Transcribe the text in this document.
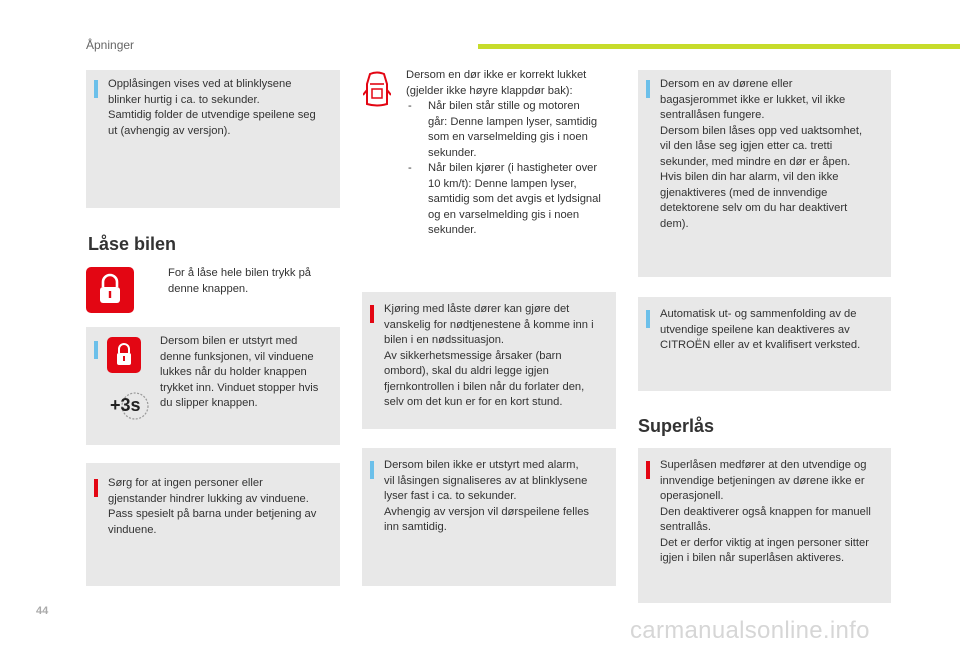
Åpninger
Opplåsingen vises ved at blinklysene
blinker hurtig i ca. to sekunder.
Samtidig folder de utvendige speilene seg
ut (avhengig av versjon).
Låse bilen
For å låse hele bilen trykk på
denne knappen.
+3s
Dersom bilen er utstyrt med
denne funksjonen, vil vinduene
lukkes når du holder knappen
trykket inn. Vinduet stopper hvis
du slipper knappen.
Sørg for at ingen personer eller
gjenstander hindrer lukking av vinduene.
Pass spesielt på barna under betjening av
vinduene.
Dersom en dør ikke er korrekt lukket
(gjelder ikke høyre klappdør bak):
- Når bilen står stille og motoren
går: Denne lampen lyser, samtidig
som en varselmelding gis i noen
sekunder.
- Når bilen kjører (i hastigheter over
10 km/t): Denne lampen lyser,
samtidig som det avgis et lydsignal
og en varselmelding gis i noen
sekunder.
Kjøring med låste dører kan gjøre det
vanskelig for nødtjenestene å komme inn i
bilen i en nødssituasjon.
Av sikkerhetsmessige årsaker (barn
ombord), skal du aldri legge igjen
fjernkontrollen i bilen når du forlater den,
selv om det kun er for en kort stund.
Dersom bilen ikke er utstyrt med alarm,
vil låsingen signaliseres av at blinklysene
lyser fast i ca. to sekunder.
Avhengig av versjon vil dørspeilene felles
inn samtidig.
Dersom en av dørene eller
bagasjerommet ikke er lukket, vil ikke
sentrallåsen fungere.
Dersom bilen låses opp ved uaktsomhet,
vil den låse seg igjen etter ca. tretti
sekunder, med mindre en dør er åpen.
Hvis bilen din har alarm, vil den ikke
gjenaktiveres (med de innvendige
detektorene selv om du har deaktivert
dem).
Automatisk ut- og sammenfolding av de
utvendige speilene kan deaktiveres av
CITROËN eller av et kvalifisert verksted.
Superlås
Superlåsen medfører at den utvendige og
innvendige betjeningen av dørene ikke er
operasjonell.
Den deaktiverer også knappen for manuell
sentrallås.
Det er derfor viktig at ingen personer sitter
igjen i bilen når superlåsen aktiveres.
44
carmanualsonline.info
